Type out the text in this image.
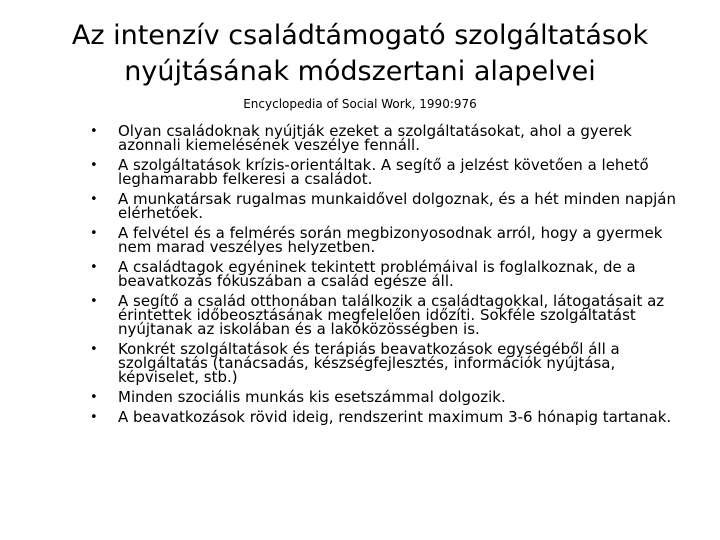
Az intenzív családtámogató szolgáltatások nyújtásának módszertani alapelvei
Encyclopedia of Social Work, 1990:976
• Olyan családoknak nyújtják ezeket a szolgáltatásokat, ahol a gyerek azonnali kiemelésének veszélye fennáll.
• A szolgáltatások krízis-orientáltak. A segítő a jelzést követően a lehető leghamarabb felkeresi a családot.
• A munkatársak rugalmas munkaidővel dolgoznak, és a hét minden napján elérhetőek.
• A felvétel és a felmérés során megbizonyosodnak arról, hogy a gyermek nem marad veszélyes helyzetben.
• A családtagok egyéninek tekintett problémáival is foglalkoznak, de a beavatkozás fókuszában a család egésze áll.
• A segítő a család otthonában találkozik a családtagokkal, látogatásait az érintettek időbeosztásának megfelelően időzíti. Sokféle szolgáltatást nyújtanak az iskolában és a lakóközösségben is.
• Konkrét szolgáltatások és terápiás beavatkozások egységéből áll a szolgáltatás (tanácsadás, készségfejlesztés, információk nyújtása, képviselet, stb.)
• Minden szociális munkás kis esetszámmal dolgozik.
• A beavatkozások rövid ideig, rendszerint maximum 3-6 hónapig tartanak.
